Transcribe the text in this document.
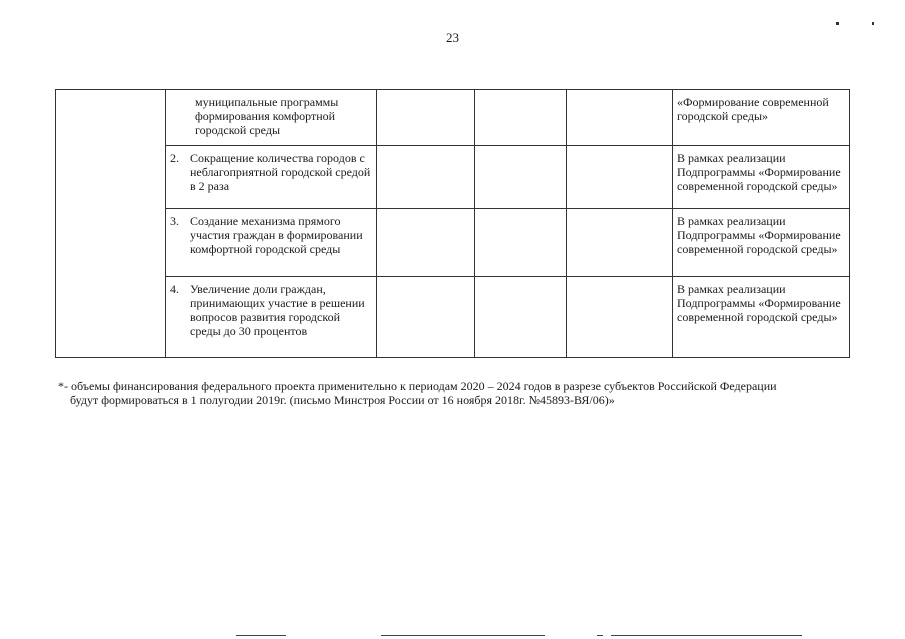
23

	муниципальные программы формирования комфортной городской среды				«Формирование современной городской среды»

	2. Сокращение количества городов с неблагоприятной городской средой в 2 раза				В рамках реализации Подпрограммы «Формирование современной городской среды»

	3. Создание механизма прямого участия граждан в формировании комфортной городской среды				В рамках реализации Подпрограммы «Формирование современной городской среды»

	4. Увеличение доли граждан, принимающих участие в решении вопросов развития городской среды до 30 процентов				В рамках реализации Подпрограммы «Формирование современной городской среды»
*- объемы финансирования федерального проекта применительно к периодам 2020 – 2024 годов в разрезе субъектов Российской Федерации
будут формироваться в 1 полугодии 2019г. (письмо Минстроя России от 16 ноября 2018г. №45893-ВЯ/06)»
